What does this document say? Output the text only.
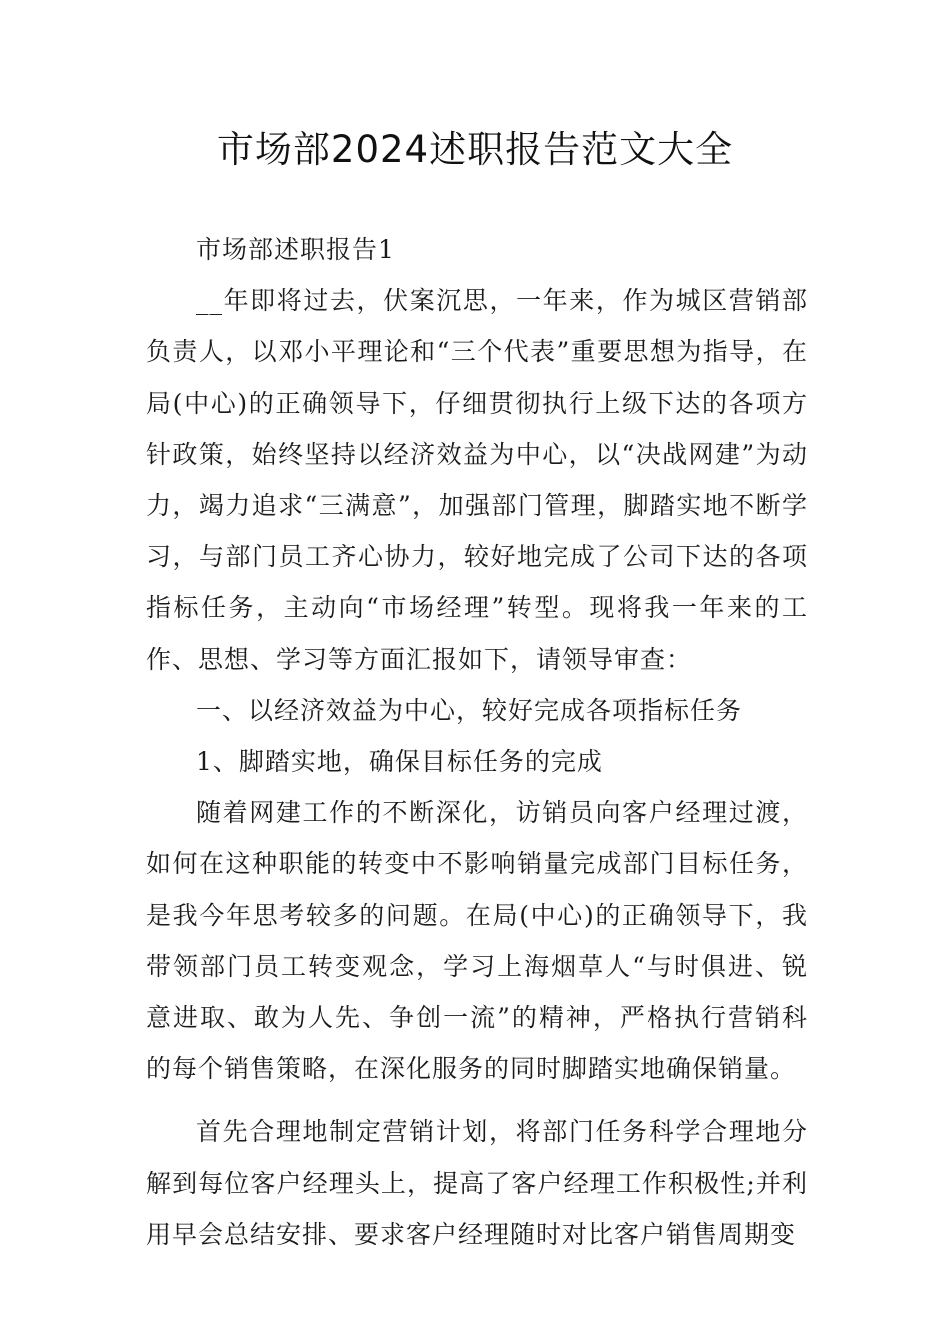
市场部2024述职报告范文大全

市场部述职报告1

__年即将过去，伏案沉思，一年来，作为城区营销部负责人，以邓小平理论和“三个代表”重要思想为指导，在局(中心)的正确领导下，仔细贯彻执行上级下达的各项方针政策，始终坚持以经济效益为中心，以“决战网建”为动力，竭力追求“三满意”，加强部门管理，脚踏实地不断学习，与部门员工齐心协力，较好地完成了公司下达的各项指标任务，主动向“市场经理”转型。现将我一年来的工作、思想、学习等方面汇报如下，请领导审查：

一、以经济效益为中心，较好完成各项指标任务

1、脚踏实地，确保目标任务的完成

随着网建工作的不断深化，访销员向客户经理过渡，如何在这种职能的转变中不影响销量完成部门目标任务，是我今年思考较多的问题。在局(中心)的正确领导下，我带领部门员工转变观念，学习上海烟草人“与时俱进、锐意进取、敢为人先、争创一流”的精神，严格执行营销科的每个销售策略，在深化服务的同时脚踏实地确保销量。

首先合理地制定营销计划，将部门任务科学合理地分解到每位客户经理头上，提高了客户经理工作积极性;并利用早会总结安排、要求客户经理随时对比客户销售周期变
